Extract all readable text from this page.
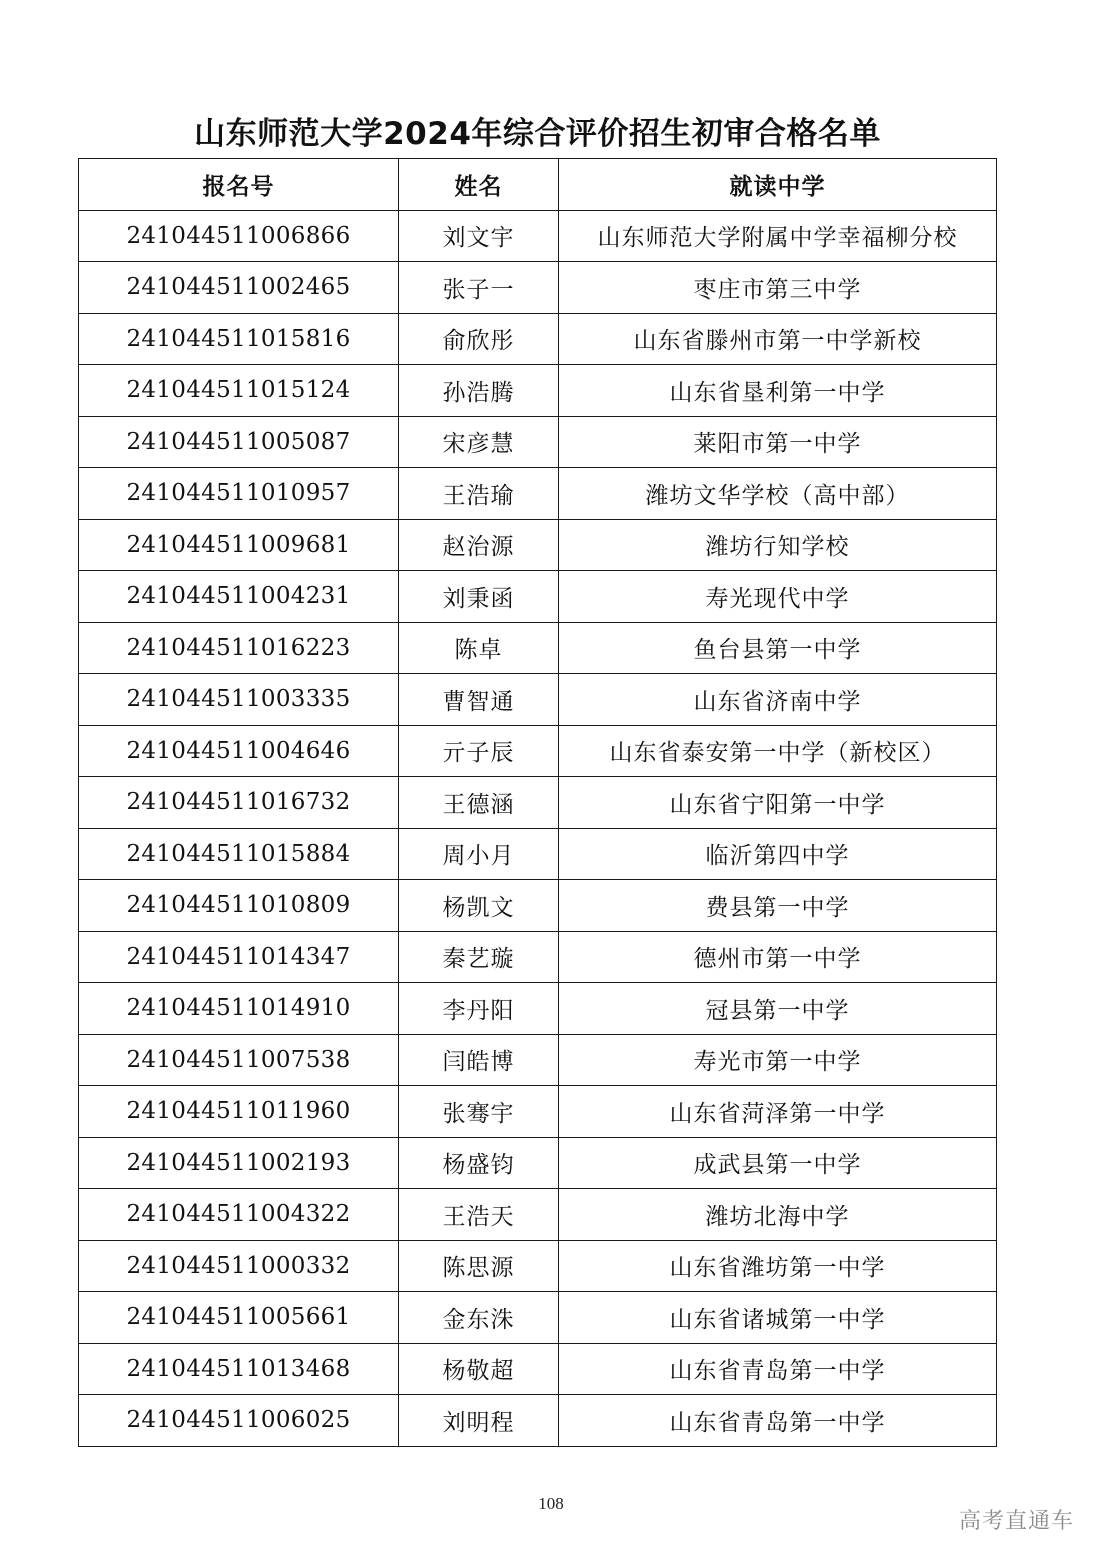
山东师范大学2024年综合评价招生初审合格名单
报名号	姓名	就读中学
241044511006866	刘文宇	山东师范大学附属中学幸福柳分校
241044511002465	张子一	枣庄市第三中学
241044511015816	俞欣彤	山东省滕州市第一中学新校
241044511015124	孙浩腾	山东省垦利第一中学
241044511005087	宋彦慧	莱阳市第一中学
241044511010957	王浩瑜	潍坊文华学校（高中部）
241044511009681	赵治源	潍坊行知学校
241044511004231	刘秉函	寿光现代中学
241044511016223	陈卓	鱼台县第一中学
241044511003335	曹智通	山东省济南中学
241044511004646	亓子辰	山东省泰安第一中学（新校区）
241044511016732	王德涵	山东省宁阳第一中学
241044511015884	周小月	临沂第四中学
241044511010809	杨凯文	费县第一中学
241044511014347	秦艺璇	德州市第一中学
241044511014910	李丹阳	冠县第一中学
241044511007538	闫皓博	寿光市第一中学
241044511011960	张骞宇	山东省菏泽第一中学
241044511002193	杨盛钧	成武县第一中学
241044511004322	王浩天	潍坊北海中学
241044511000332	陈思源	山东省潍坊第一中学
241044511005661	金东洙	山东省诸城第一中学
241044511013468	杨敬超	山东省青岛第一中学
241044511006025	刘明程	山东省青岛第一中学
108
高考直通车
